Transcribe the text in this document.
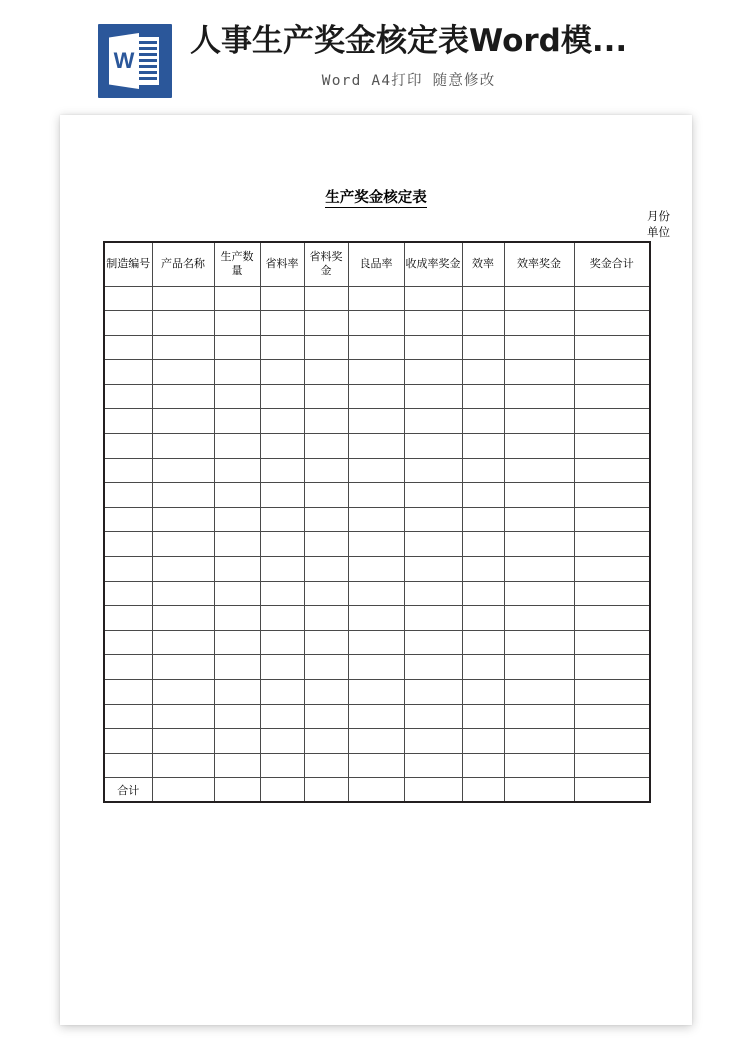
W
人事生产奖金核定表Word模...
Word A4打印 随意修改
生产奖金核定表
月份
单位
制造编号	产品名称	生产数量	省料率	省料奖金	良品率	收成率奖金	效率	效率奖金	奖金合计

合计									
